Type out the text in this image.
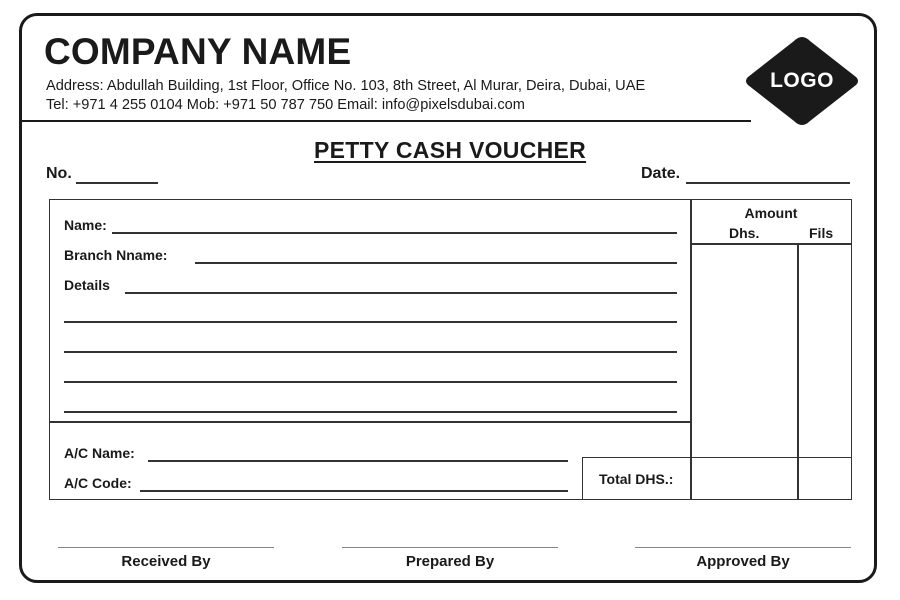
COMPANY NAME
Address: Abdullah Building, 1st Floor, Office No. 103, 8th Street, Al Murar, Deira, Dubai, UAE
Tel: +971 4 255 0104 Mob: +971 50 787 750 Email: info@pixelsdubai.com
LOGO
PETTY CASH VOUCHER
No.	Date.
Name:
Branch Nname:
Details
A/C Name:
A/C Code:
Amount
Dhs.	Fils
Total DHS.:
Received By	Prepared By	Approved By
